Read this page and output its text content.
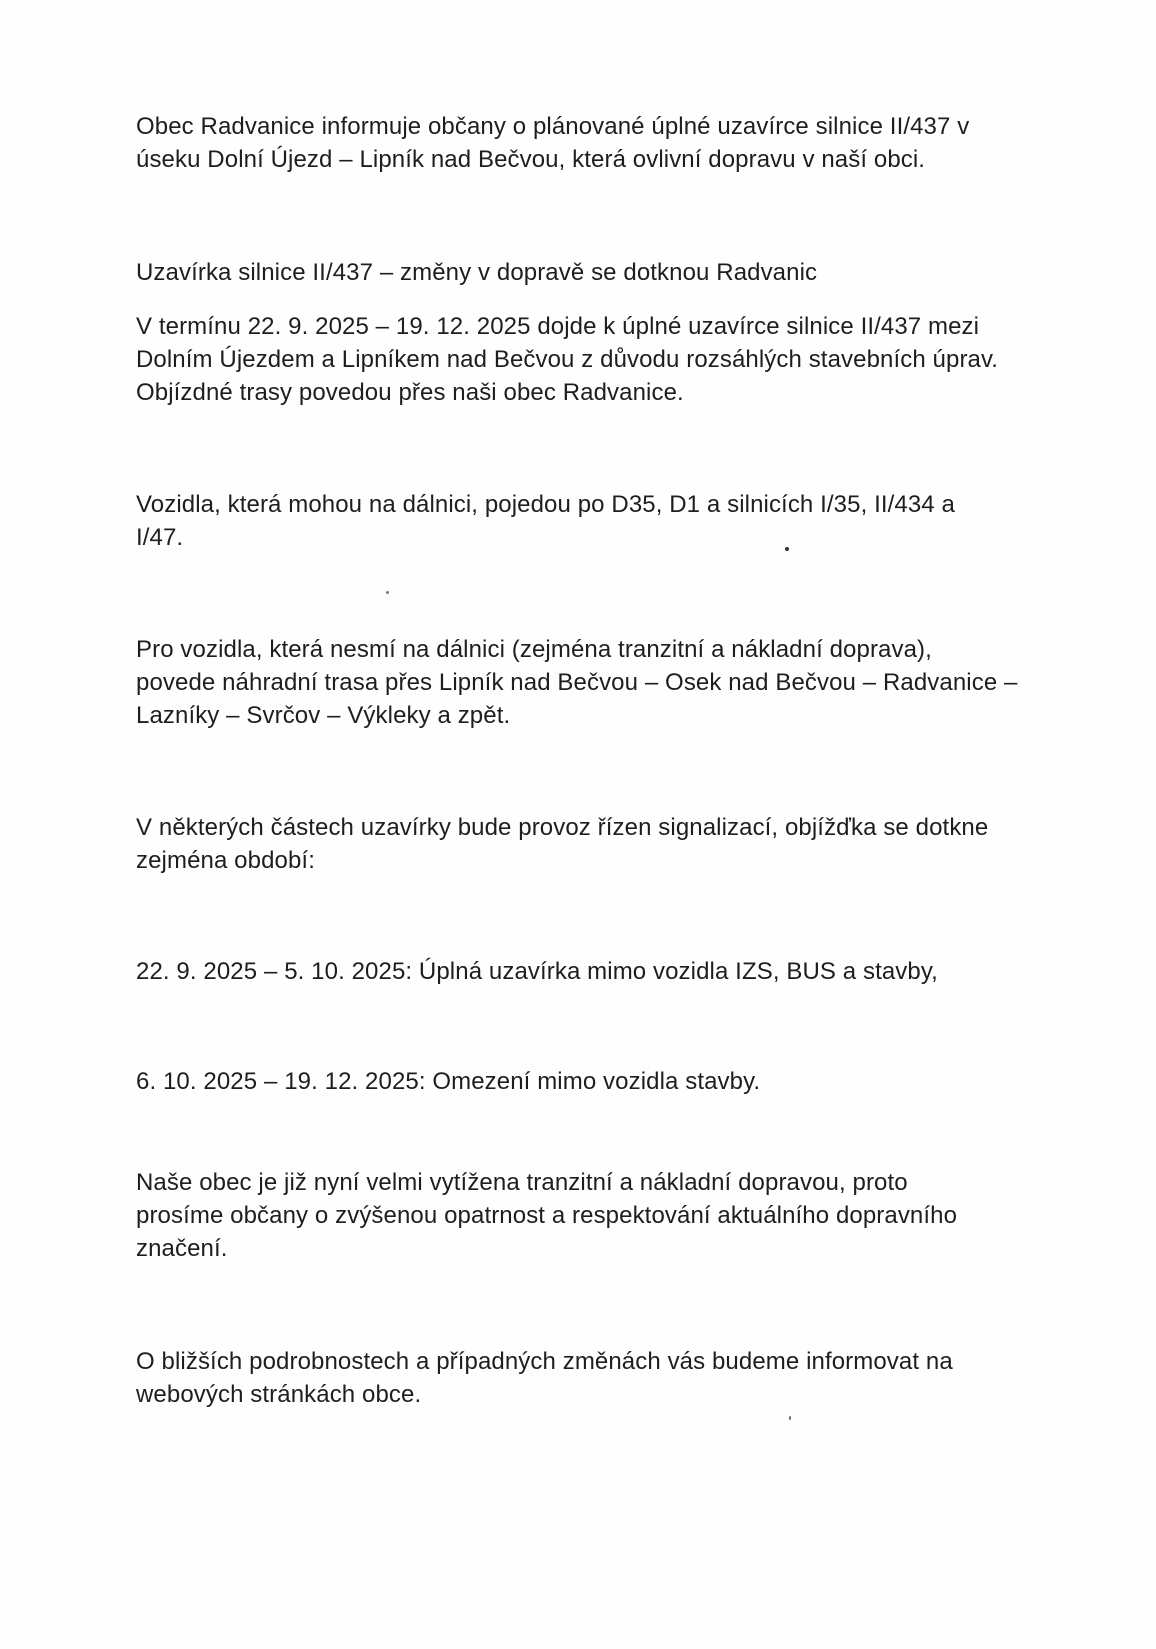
Obec Radvanice informuje občany o plánované úplné uzavírce silnice II/437 v
úseku Dolní Újezd – Lipník nad Bečvou, která ovlivní dopravu v naší obci.

Uzavírka silnice II/437 – změny v dopravě se dotknou Radvanic

V termínu 22. 9. 2025 – 19. 12. 2025 dojde k úplné uzavírce silnice II/437 mezi
Dolním Újezdem a Lipníkem nad Bečvou z důvodu rozsáhlých stavebních úprav.
Objízdné trasy povedou přes naši obec Radvanice.

Vozidla, která mohou na dálnici, pojedou po D35, D1 a silnicích I/35, II/434 a
I/47.

Pro vozidla, která nesmí na dálnici (zejména tranzitní a nákladní doprava),
povede náhradní trasa přes Lipník nad Bečvou – Osek nad Bečvou – Radvanice –
Lazníky – Svrčov – Výkleky a zpět.

V některých částech uzavírky bude provoz řízen signalizací, objížďka se dotkne
zejména období:

22. 9. 2025 – 5. 10. 2025: Úplná uzavírka mimo vozidla IZS, BUS a stavby,

6. 10. 2025 – 19. 12. 2025: Omezení mimo vozidla stavby.

Naše obec je již nyní velmi vytížena tranzitní a nákladní dopravou, proto
prosíme občany o zvýšenou opatrnost a respektování aktuálního dopravního
značení.

O bližších podrobnostech a případných změnách vás budeme informovat na
webových stránkách obce.
